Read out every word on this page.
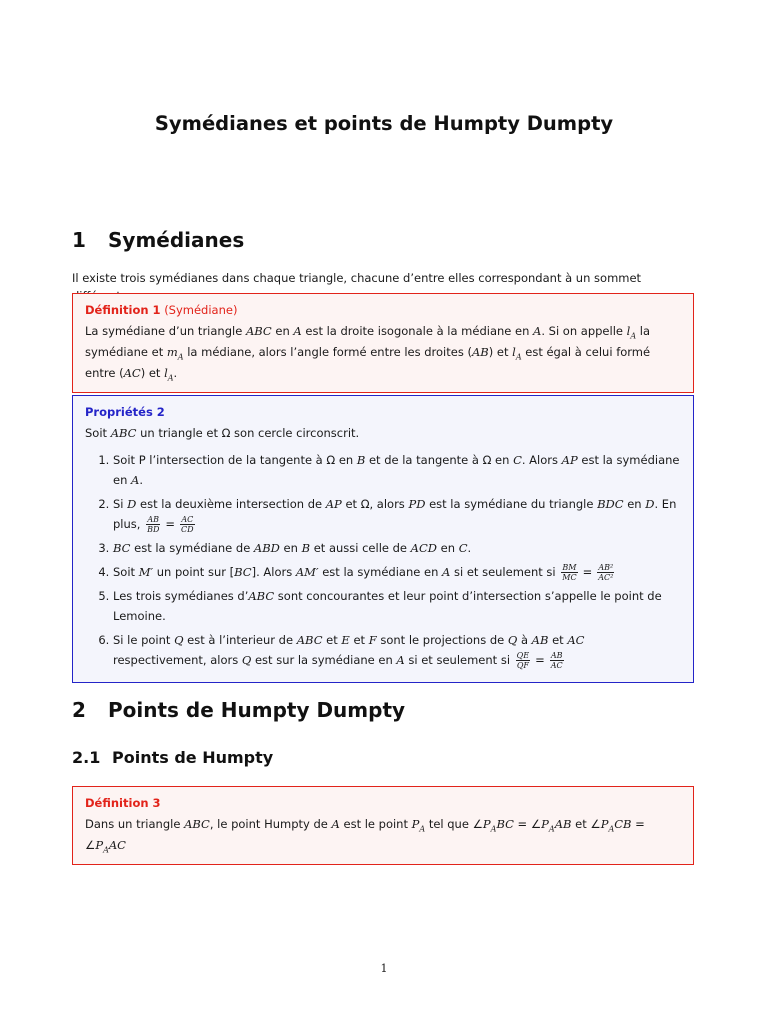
Symédianes et points de Humpty Dumpty
1 Symédianes
Il existe trois symédianes dans chaque triangle, chacune d’entre elles correspondant à un sommet
Définition 1 (Symédiane)
La symédiane d’un triangle ABC en A est la droite isogonale à la médiane en A. Si on appelle $l_A$ la symédiane et $m_A$ la médiane, alors l’angle formé entre les droites (AB) et $l_A$ est égal à celui formé entre (AC) et $l_A$.
Propriétés 2
Soit ABC un triangle et Ω son cercle circonscrit.
1. Soit P l’intersection de la tangente à Ω en B et de la tangente à Ω en C. Alors AP est la symédiane en A.
2. Si D est la deuxième intersection de AP et Ω, alors PD est la symédiane du triangle BDC en D. En plus, $\frac{AB}{BD} = \frac{AC}{CD}$
3. BC est la symédiane de ABD en B et aussi celle de ACD en C.
4. Soit M′ un point sur [BC]. Alors AM′ est la symédiane en A si et seulement si $\frac{BM}{MC} = \frac{\text{AB²}}{\text{AC²}}$
5. Les trois symédianes d’ABC sont concourantes et leur point d’intersection s’appelle le point de Lemoine.
6. Si le point Q est à l’interieur de ABC et E et F sont le projections de Q à AB et AC respectivement, alors Q est sur la symédiane en A si et seulement si $\frac{QE}{QF} = \frac{AB}{AC}$
2 Points de Humpty Dumpty
2.1 Points de Humpty
Définition 3
Dans un triangle ABC, le point Humpty de A est le point $P_A$ tel que $\angle P_ABC$ = $\angle P_AAB$ et $\angle P_ACB$ = $\angle P_AAC$
1
